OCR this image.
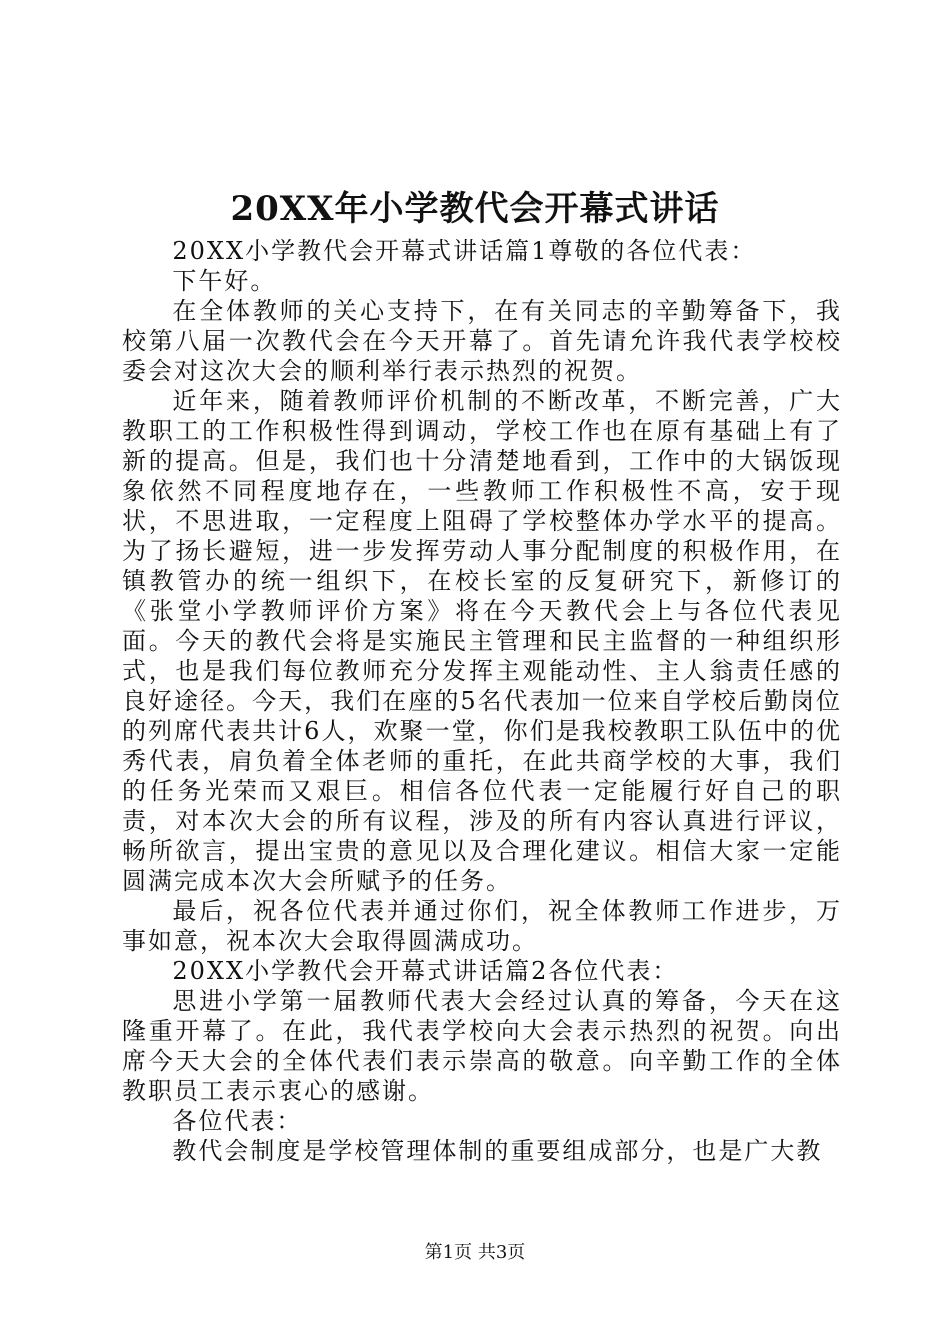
20XX年小学教代会开幕式讲话

20XX小学教代会开幕式讲话篇1尊敬的各位代表：

下午好。

在全体教师的关心支持下，在有关同志的辛勤筹备下，我校第八届一次教代会在今天开幕了。首先请允许我代表学校校委会对这次大会的顺利举行表示热烈的祝贺。

近年来，随着教师评价机制的不断改革，不断完善，广大教职工的工作积极性得到调动，学校工作也在原有基础上有了新的提高。但是，我们也十分清楚地看到，工作中的大锅饭现象依然不同程度地存在，一些教师工作积极性不高，安于现状，不思进取，一定程度上阻碍了学校整体办学水平的提高。为了扬长避短，进一步发挥劳动人事分配制度的积极作用，在镇教管办的统一组织下，在校长室的反复研究下，新修订的《张堂小学教师评价方案》将在今天教代会上与各位代表见面。今天的教代会将是实施民主管理和民主监督的一种组织形式，也是我们每位教师充分发挥主观能动性、主人翁责任感的良好途径。今天，我们在座的5名代表加一位来自学校后勤岗位的列席代表共计6人，欢聚一堂，你们是我校教职工队伍中的优秀代表，肩负着全体老师的重托，在此共商学校的大事，我们的任务光荣而又艰巨。相信各位代表一定能履行好自己的职责，对本次大会的所有议程，涉及的所有内容认真进行评议，畅所欲言，提出宝贵的意见以及合理化建议。相信大家一定能圆满完成本次大会所赋予的任务。

最后，祝各位代表并通过你们，祝全体教师工作进步，万事如意，祝本次大会取得圆满成功。

20XX小学教代会开幕式讲话篇2各位代表：

思进小学第一届教师代表大会经过认真的筹备，今天在这隆重开幕了。在此，我代表学校向大会表示热烈的祝贺。向出席今天大会的全体代表们表示崇高的敬意。向辛勤工作的全体教职员工表示衷心的感谢。

各位代表：

教代会制度是学校管理体制的重要组成部分，也是广大教

第1页 共3页
